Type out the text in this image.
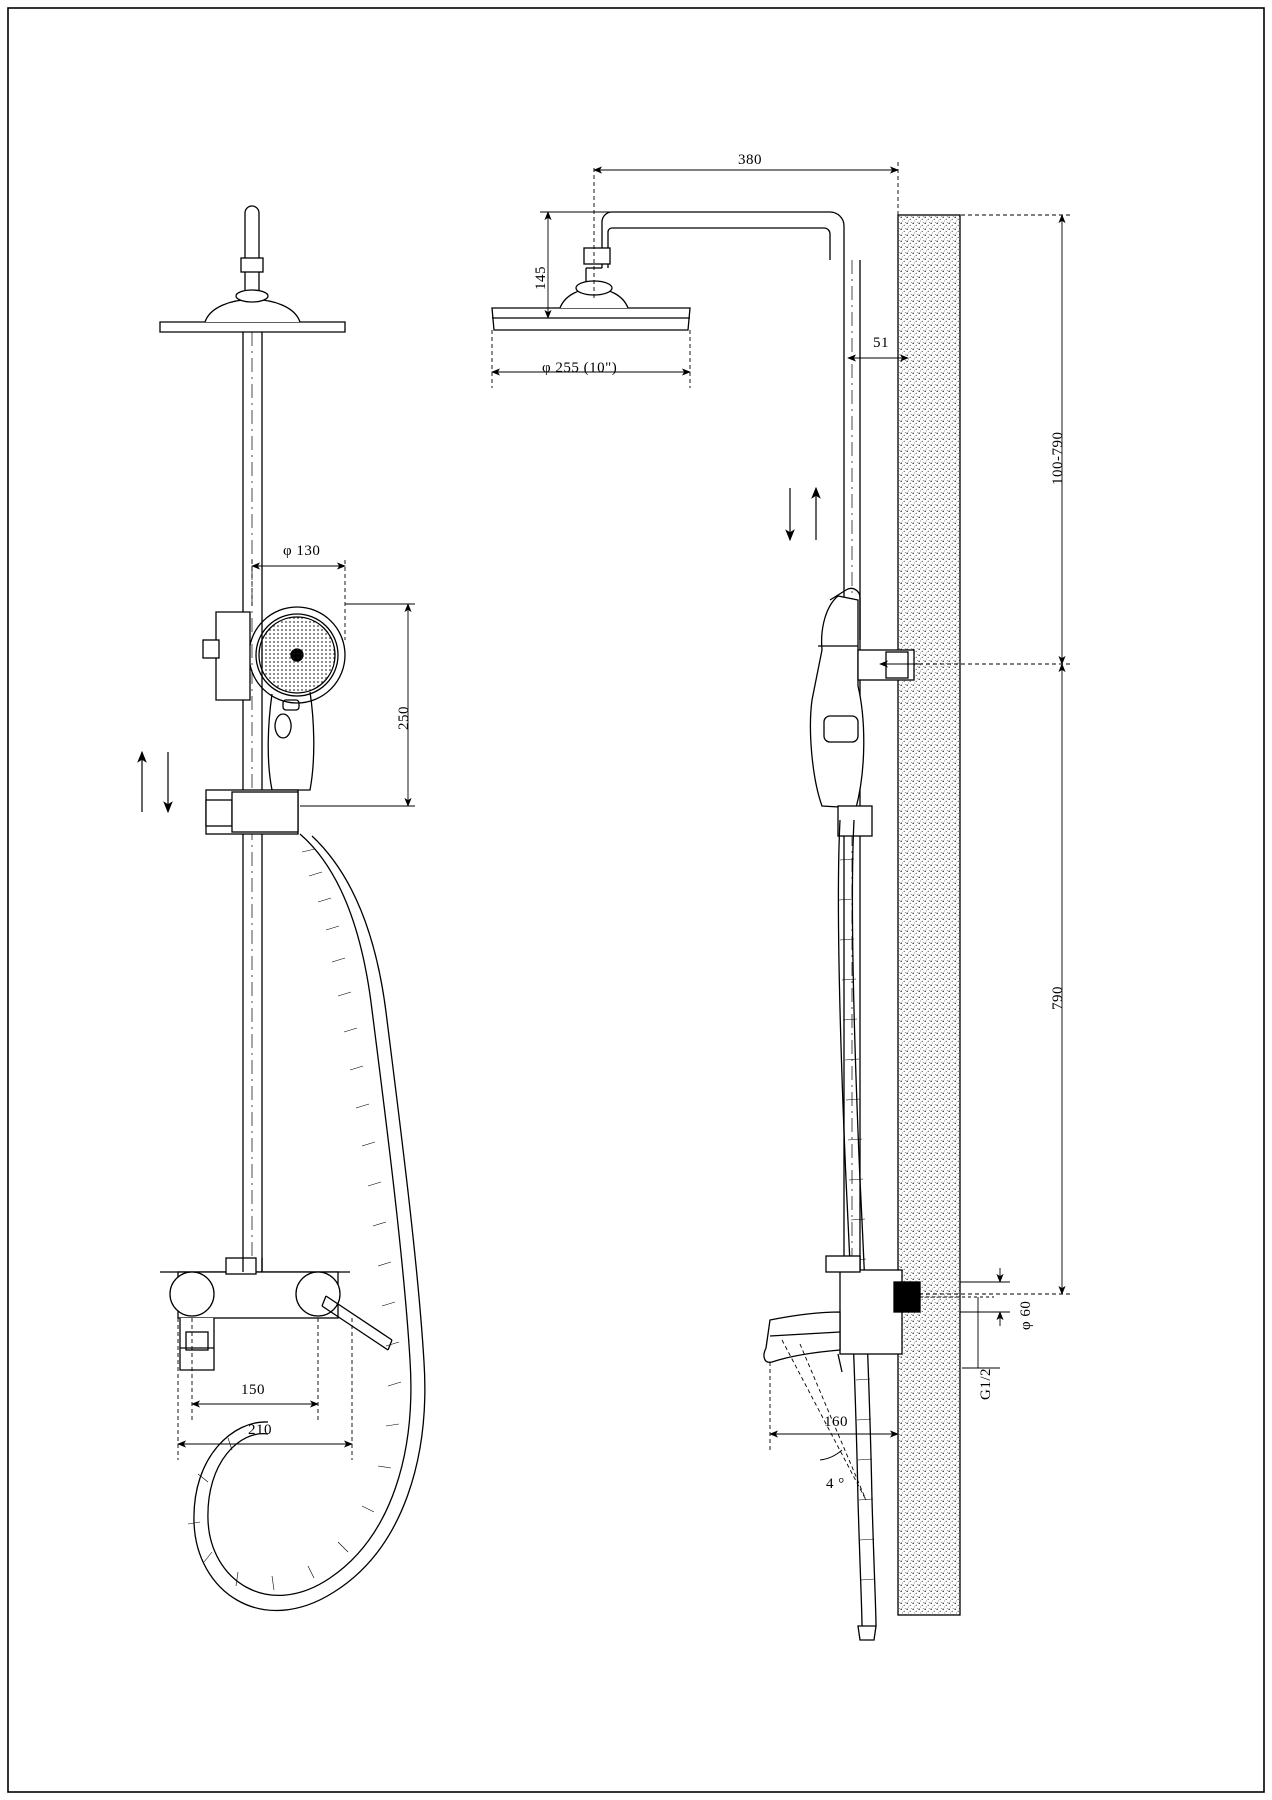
380
145
φ 255 (10")
φ 130
250
51
100-790
790
150
210
φ 60
G1/2
160
4 °
